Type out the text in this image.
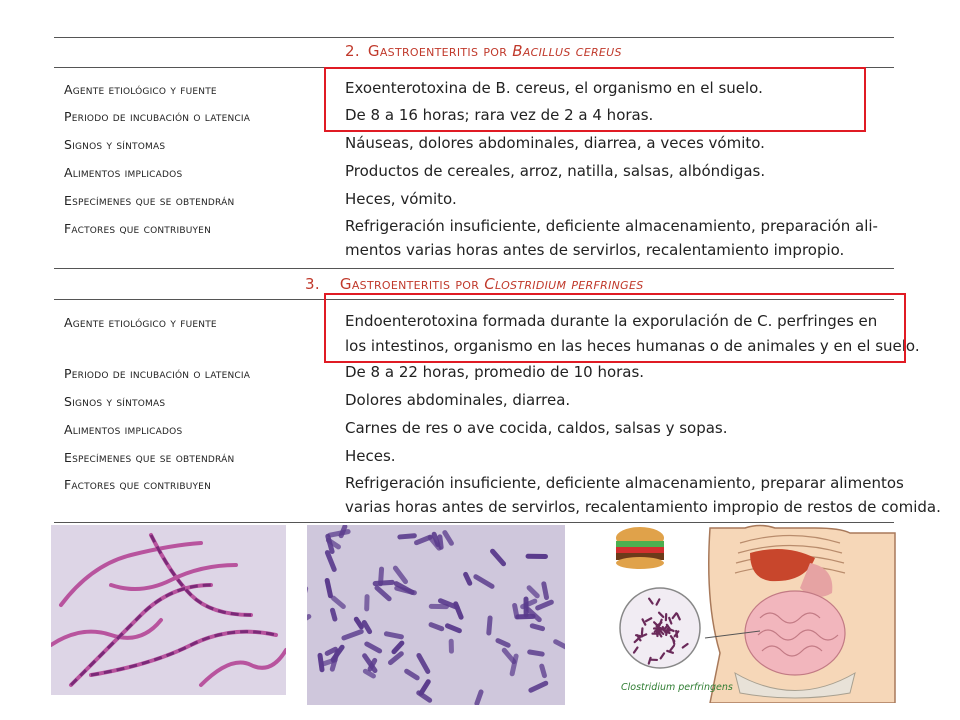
2. Gastroenteritis por Bacillus cereus
Agente etiológico y fuente	Exoenterotoxina de B. cereus, el organismo en el suelo.
Periodo de incubación o latencia	De 8 a 16 horas; rara vez de 2 a 4 horas.
Signos y síntomas	Náuseas, dolores abdominales, diarrea, a veces vómito.
Alimentos implicados	Productos de cereales, arroz, natilla, salsas, albóndigas.
Especímenes que se obtendrán	Heces, vómito.
Factores que contribuyen	Refrigeración insuficiente, deficiente almacenamiento, preparación ali-
mentos varias horas antes de servirlos, recalentamiento impropio.
3. Gastroenteritis por Clostridium perfringes
Agente etiológico y fuente	Endoenterotoxina formada durante la exporulación de C. perfringes en
los intestinos, organismo en las heces humanas o de animales y en el suelo.
Periodo de incubación o latencia	De 8 a 22 horas, promedio de 10 horas.
Signos y síntomas	Dolores abdominales, diarrea.
Alimentos implicados	Carnes de res o ave cocida, caldos, salsas y sopas.
Especímenes que se obtendrán	Heces.
Factores que contribuyen	Refrigeración insuficiente, deficiente almacenamiento, preparar alimentos
varias horas antes de servirlos, recalentamiento impropio de restos de comida.
Clostridium perfringens
